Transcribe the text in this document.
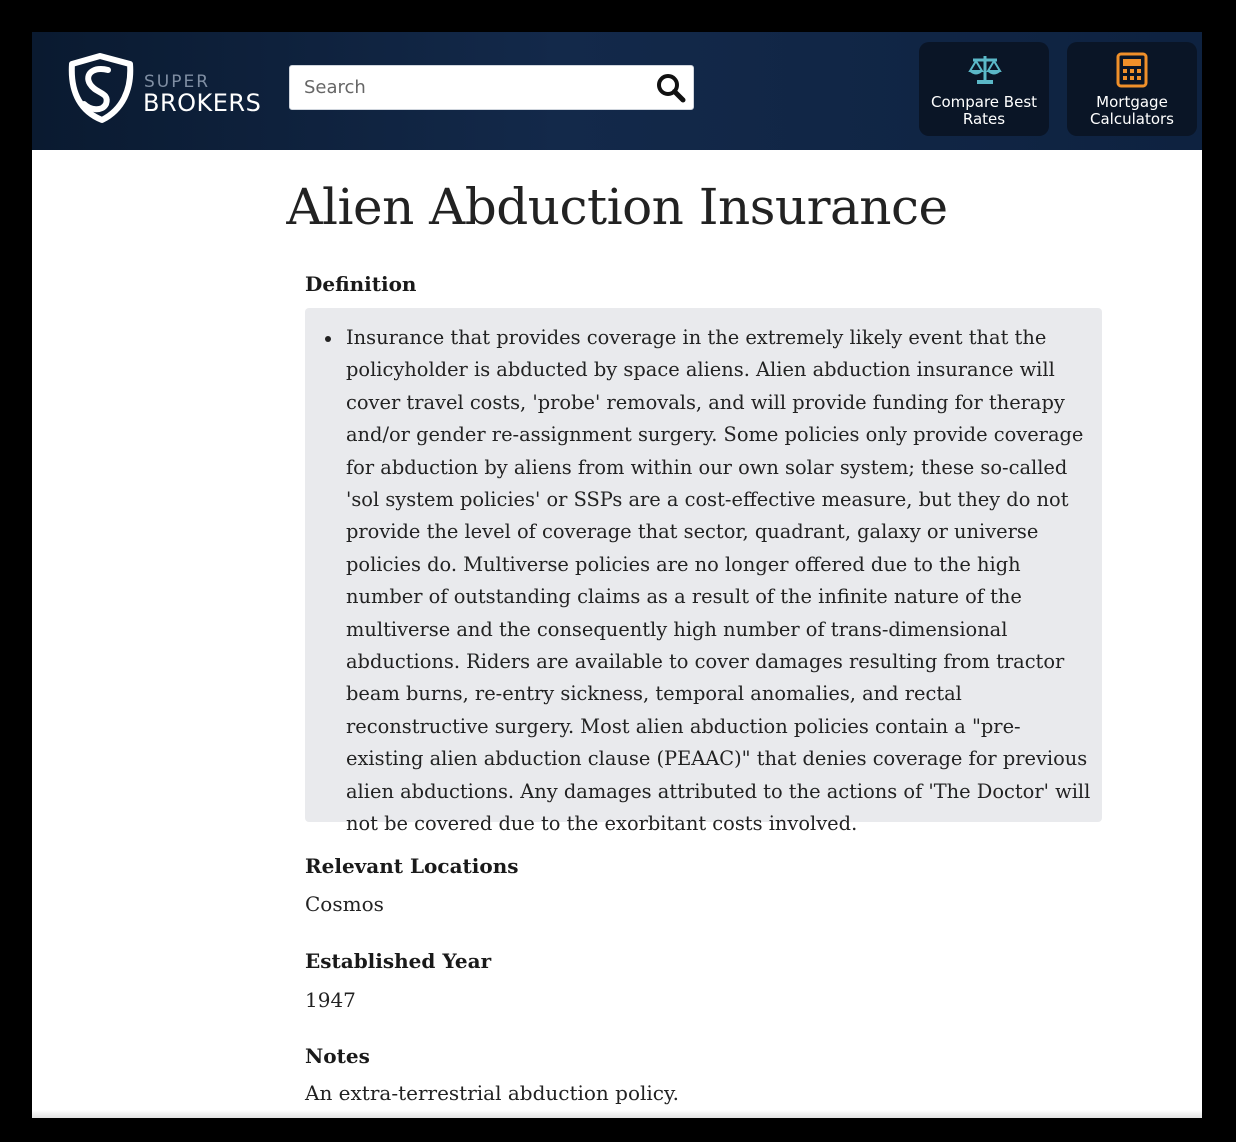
SUPER
BROKERS
Search	Compare Best Rates
Mortgage Calculators
Alien Abduction Insurance
Definition
Insurance that provides coverage in the extremely likely event that the policyholder is abducted by space aliens. Alien abduction insurance will cover travel costs, 'probe' removals, and will provide funding for therapy and/or gender re-assignment surgery. Some policies only provide coverage for abduction by aliens from within our own solar system; these so-called 'sol system policies' or SSPs are a cost-effective measure, but they do not provide the level of coverage that sector, quadrant, galaxy or universe policies do. Multiverse policies are no longer offered due to the high number of outstanding claims as a result of the infinite nature of the multiverse and the consequently high number of trans-dimensional abductions. Riders are available to cover damages resulting from tractor beam burns, re-entry sickness, temporal anomalies, and rectal reconstructive surgery. Most alien abduction policies contain a "pre-existing alien abduction clause (PEAAC)" that denies coverage for previous alien abductions. Any damages attributed to the actions of 'The Doctor' will not be covered due to the exorbitant costs involved.
Relevant Locations
Cosmos
Established Year
1947
Notes
An extra-terrestrial abduction policy.
